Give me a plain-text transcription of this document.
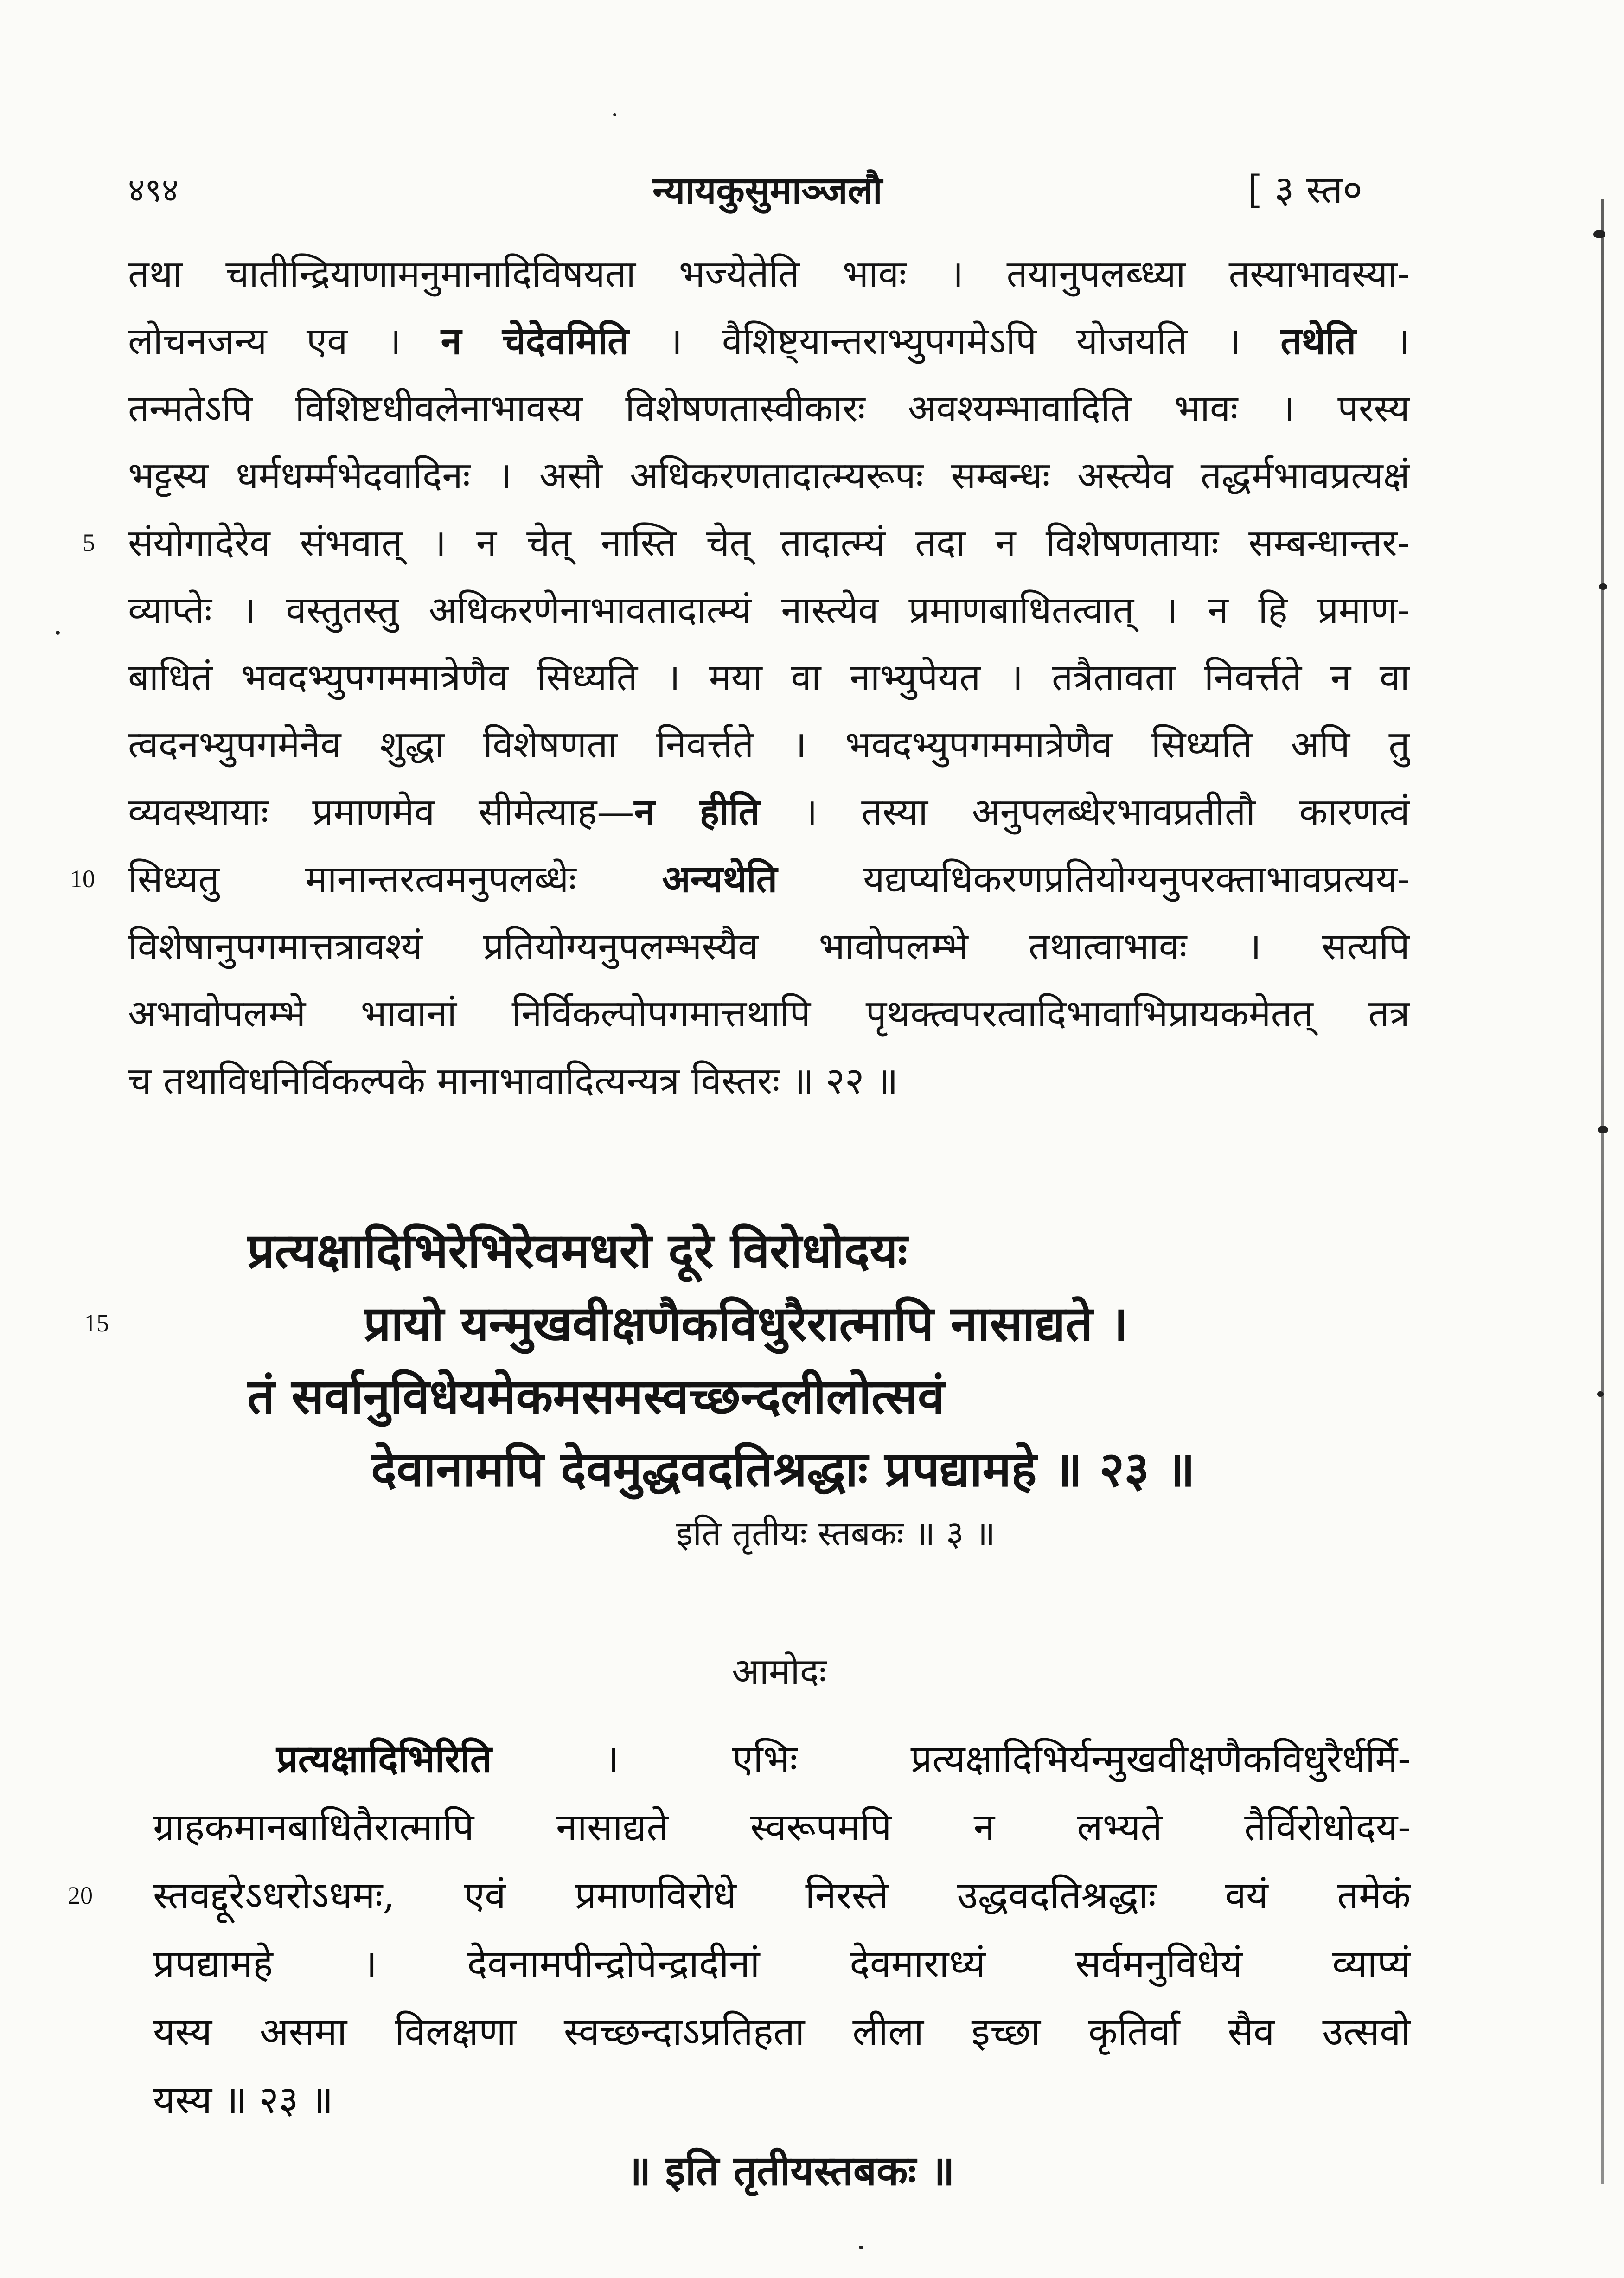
४९४	न्यायकुसुमाञ्जलौ	[ ३ स्त०
तथा चातीन्द्रियाणामनुमानादिविषयता भज्येतेति भावः । तयानुपलब्ध्या तस्याभावस्या-
लोचनजन्य एव । न चेदेवमिति । वैशिष्ट्यान्तराभ्युपगमेऽपि योजयति । तथेति ।
तन्मतेऽपि विशिष्टधीवलेनाभावस्य विशेषणतास्वीकारः अवश्यम्भावादिति भावः । परस्य
भट्टस्य धर्मधर्म्मभेदवादिनः । असौ अधिकरणतादात्म्यरूपः सम्बन्धः अस्त्येव तद्धर्मभावप्रत्यक्षं
5 संयोगादेरेव संभवात् । न चेत् नास्ति चेत् तादात्म्यं तदा न विशेषणतायाः सम्बन्धान्तर-
व्याप्तेः । वस्तुतस्तु अधिकरणेनाभावतादात्म्यं नास्त्येव प्रमाणबाधितत्वात् । न हि प्रमाण-
बाधितं भवदभ्युपगममात्रेणैव सिध्यति । मया वा नाभ्युपेयत । तत्रैतावता निवर्त्तते न वा
त्वदनभ्युपगमेनैव शुद्धा विशेषणता निवर्त्तते । भवदभ्युपगममात्रेणैव सिध्यति अपि तु
व्यवस्थायाः प्रमाणमेव सीमेत्याह—न हीति । तस्या अनुपलब्धेरभावप्रतीतौ कारणत्वं
10 सिध्यतु मानान्तरत्वमनुपलब्धेः अन्यथेति यद्यप्यधिकरणप्रतियोग्यनुपरक्ताभावप्रत्यय-
विशेषानुपगमात्तत्रावश्यं प्रतियोग्यनुपलम्भस्यैव भावोपलम्भे तथात्वाभावः । सत्यपि
अभावोपलम्भे भावानां निर्विकल्पोपगमात्तथापि पृथक्त्वपरत्वादिभावाभिप्रायकमेतत् तत्र
च तथाविधनिर्विकल्पके मानाभावादित्यन्यत्र विस्तरः ॥ २२ ॥
प्रत्यक्षादिभिरेभिरेवमधरो दूरे विरोधोदयः
15	प्रायो यन्मुखवीक्षणैकविधुरैरात्मापि नासाद्यते ।
तं सर्वानुविधेयमेकमसमस्वच्छन्दलीलोत्सवं
देवानामपि देवमुद्धवदतिश्रद्धाः प्रपद्यामहे ॥ २३ ॥
इति तृतीयः स्तबकः ॥ ३ ॥
आमोदः
प्रत्यक्षादिभिरिति । एभिः प्रत्यक्षादिभिर्यन्मुखवीक्षणैकविधुरैर्धर्मि-
ग्राहकमानबाधितैरात्मापि नासाद्यते स्वरूपमपि न लभ्यते तैर्विरोधोदय-
20 स्तवद्दूरेऽधरोऽधमः, एवं प्रमाणविरोधे निरस्ते उद्धवदतिश्रद्धाः वयं तमेकं
प्रपद्यामहे । देवनामपीन्द्रोपेन्द्रादीनां देवमाराध्यं सर्वमनुविधेयं व्याप्यं
यस्य असमा विलक्षणा स्वच्छन्दाऽप्रतिहता लीला इच्छा कृतिर्वा सैव उत्सवो
यस्य ॥ २३ ॥
॥ इति तृतीयस्तबकः ॥
